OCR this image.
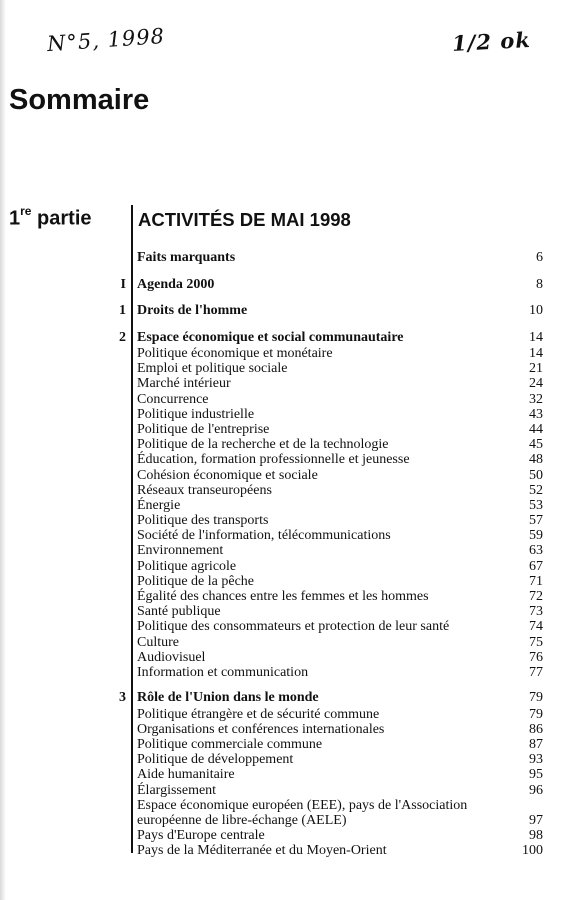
N°5, 1998	1/2 ok
Sommaire
1re partie	ACTIVITÉS DE MAI 1998
Faits marquants	6
I Agenda 2000	8
1 Droits de l'homme	10
2 Espace économique et social communautaire	14
Politique économique et monétaire	14
Emploi et politique sociale	21
Marché intérieur	24
Concurrence	32
Politique industrielle	43
Politique de l'entreprise	44
Politique de la recherche et de la technologie	45
Éducation, formation professionnelle et jeunesse	48
Cohésion économique et sociale	50
Réseaux transeuropéens	52
Énergie	53
Politique des transports	57
Société de l'information, télécommunications	59
Environnement	63
Politique agricole	67
Politique de la pêche	71
Égalité des chances entre les femmes et les hommes	72
Santé publique	73
Politique des consommateurs et protection de leur santé	74
Culture	75
Audiovisuel	76
Information et communication	77
3 Rôle de l'Union dans le monde	79
Politique étrangère et de sécurité commune	79
Organisations et conférences internationales	86
Politique commerciale commune	87
Politique de développement	93
Aide humanitaire	95
Élargissement	96
Espace économique européen (EEE), pays de l'Association européenne de libre-échange (AELE)	97
Pays d'Europe centrale	98
Pays de la Méditerranée et du Moyen-Orient	100
